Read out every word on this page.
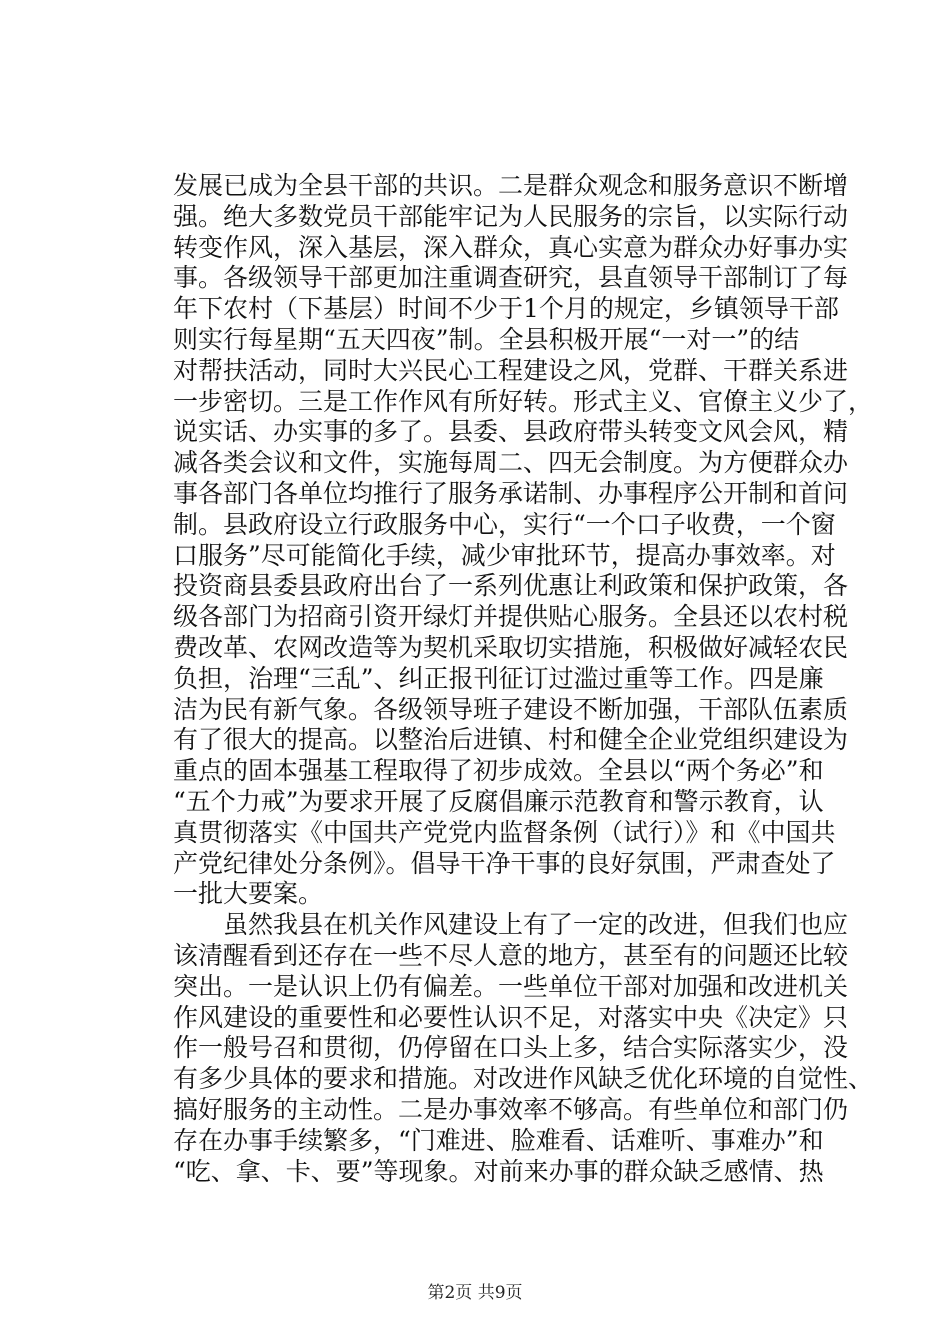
发展已成为全县干部的共识。二是群众观念和服务意识不断增
强。绝大多数党员干部能牢记为人民服务的宗旨，以实际行动
转变作风，深入基层，深入群众，真心实意为群众办好事办实
事。各级领导干部更加注重调查研究，县直领导干部制订了每
年下农村（下基层）时间不少于1个月的规定，乡镇领导干部
则实行每星期“五天四夜”制。全县积极开展“一对一”的结
对帮扶活动，同时大兴民心工程建设之风，党群、干群关系进
一步密切。三是工作作风有所好转。形式主义、官僚主义少了，
说实话、办实事的多了。县委、县政府带头转变文风会风，精
减各类会议和文件，实施每周二、四无会制度。为方便群众办
事各部门各单位均推行了服务承诺制、办事程序公开制和首问
制。县政府设立行政服务中心，实行“一个口子收费，一个窗
口服务”尽可能简化手续，减少审批环节，提高办事效率。对
投资商县委县政府出台了一系列优惠让利政策和保护政策，各
级各部门为招商引资开绿灯并提供贴心服务。全县还以农村税
费改革、农网改造等为契机采取切实措施，积极做好减轻农民
负担，治理“三乱”、纠正报刊征订过滥过重等工作。四是廉
洁为民有新气象。各级领导班子建设不断加强，干部队伍素质
有了很大的提高。以整治后进镇、村和健全企业党组织建设为
重点的固本强基工程取得了初步成效。全县以“两个务必”和
“五个力戒”为要求开展了反腐倡廉示范教育和警示教育，认
真贯彻落实《中国共产党党内监督条例（试行）》和《中国共
产党纪律处分条例》。倡导干净干事的良好氛围，严肃查处了
一批大要案。
虽然我县在机关作风建设上有了一定的改进，但我们也应
该清醒看到还存在一些不尽人意的地方，甚至有的问题还比较
突出。一是认识上仍有偏差。一些单位干部对加强和改进机关
作风建设的重要性和必要性认识不足，对落实中央《决定》只
作一般号召和贯彻，仍停留在口头上多，结合实际落实少，没
有多少具体的要求和措施。对改进作风缺乏优化环境的自觉性、
搞好服务的主动性。二是办事效率不够高。有些单位和部门仍
存在办事手续繁多，“门难进、脸难看、话难听、事难办”和
“吃、拿、卡、要”等现象。对前来办事的群众缺乏感情、热
第2页 共9页
